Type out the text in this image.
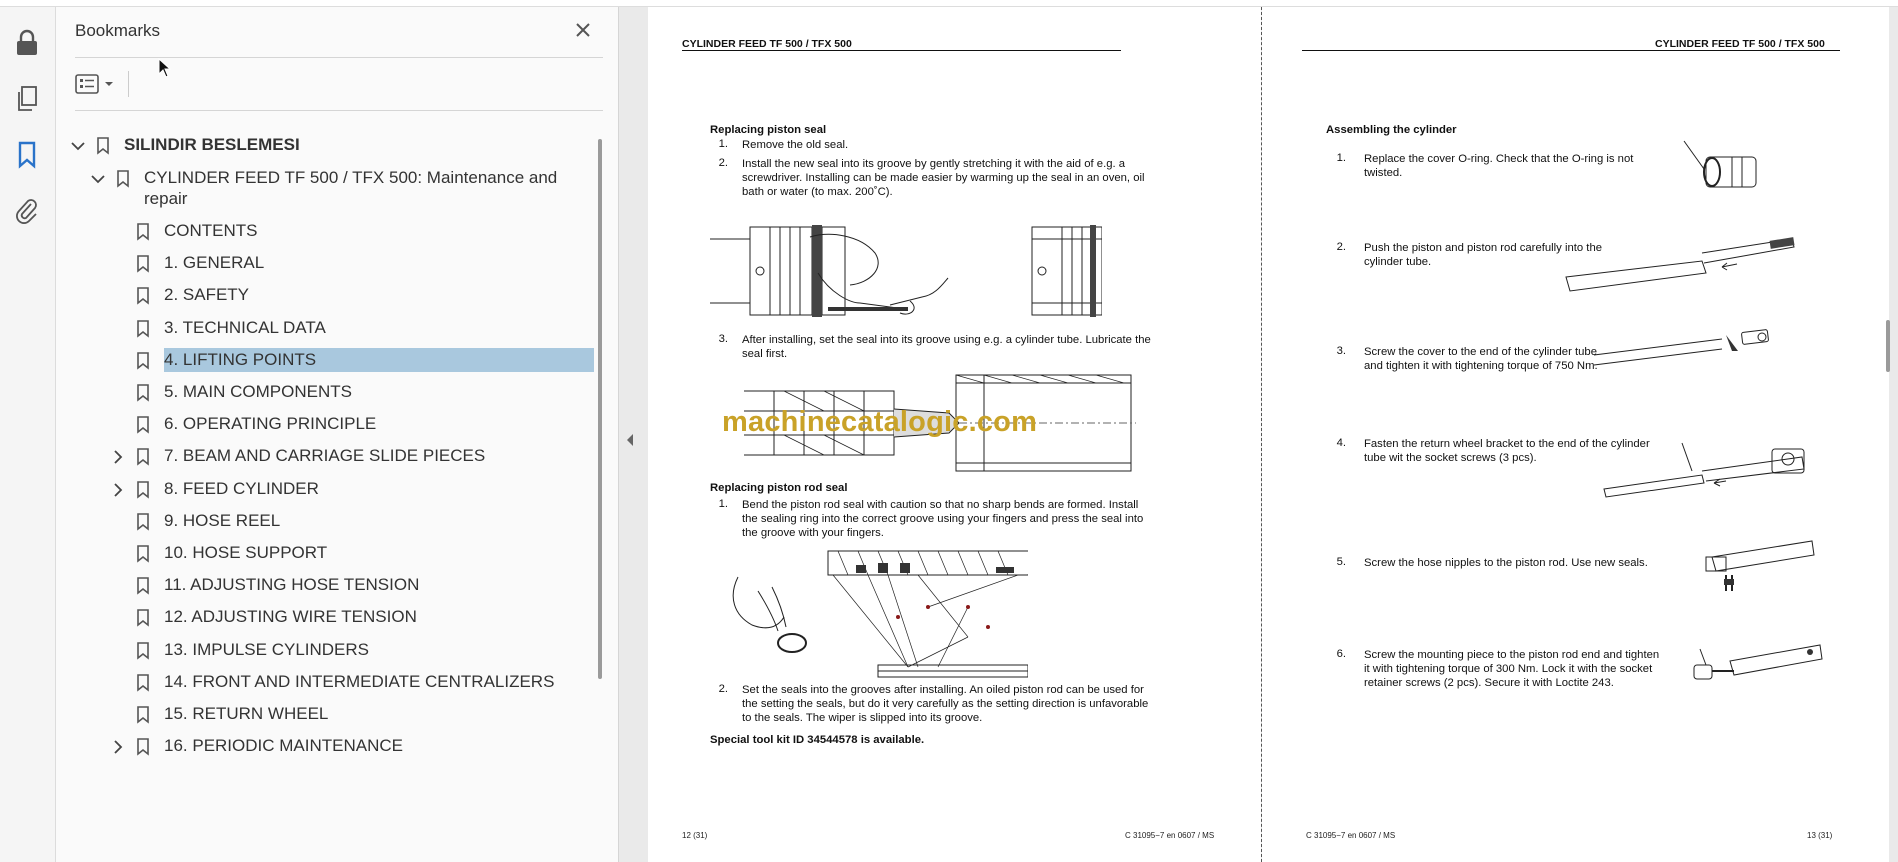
Bookmarks
SILINDIR BESLEMESI
CYLINDER FEED TF 500 / TFX 500: Maintenance and
repair
CONTENTS
1. GENERAL
2. SAFETY
3. TECHNICAL DATA
4. LIFTING POINTS
5. MAIN COMPONENTS
6. OPERATING PRINCIPLE
7. BEAM AND CARRIAGE SLIDE PIECES
8. FEED CYLINDER
9. HOSE REEL
10. HOSE SUPPORT
11. ADJUSTING HOSE TENSION
12. ADJUSTING WIRE TENSION
13. IMPULSE CYLINDERS
14. FRONT AND INTERMEDIATE CENTRALIZERS
15. RETURN WHEEL
16. PERIODIC MAINTENANCE
CYLINDER FEED TF 500 / TFX 500
Replacing piston seal
1. Remove the old seal.
2. Install the new seal into its groove by gently stretching it with the aid of e.g. a
screwdriver. Installing can be made easier by warming up the seal in an oven, oil
bath or water (to max. 200˚C).
3. After installing, set the seal into its groove using e.g. a cylinder tube. Lubricate the
seal first.
Replacing piston rod seal
1. Bend the piston rod seal with caution so that no sharp bends are formed. Install
the sealing ring into the correct groove using your fingers and press the seal into
the groove with your fingers.
2. Set the seals into the grooves after installing. An oiled piston rod can be used for
the setting the seals, but do it very carefully as the setting direction is unfavorable
to the seals. The wiper is slipped into its groove.
Special tool kit ID 34544578 is available.
12 (31)	C 31095−7 en 0607 / MS
machinecatalogic.com
CYLINDER FEED TF 500 / TFX 500
Assembling the cylinder
1. Replace the cover O-ring. Check that the O-ring is not
twisted.
2. Push the piston and piston rod carefully into the
cylinder tube.
3. Screw the cover to the end of the cylinder tube
and tighten it with tightening torque of 750 Nm.
4. Fasten the return wheel bracket to the end of the cylinder
tube wit the socket screws (3 pcs).
5. Screw the hose nipples to the piston rod. Use new seals.
6. Screw the mounting piece to the piston rod end and tighten
it with tightening torque of 300 Nm. Lock it with the socket
retainer screws (2 pcs). Secure it with Loctite 243.
C 31095−7 en 0607 / MS	13 (31)
